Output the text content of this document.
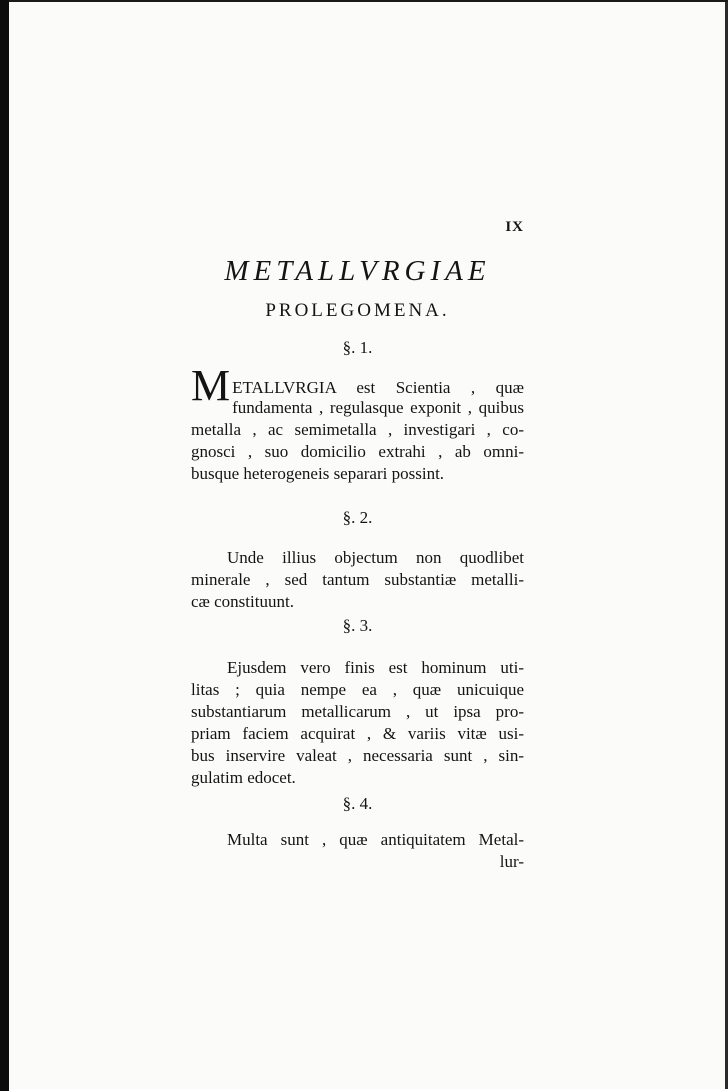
IX
METALLVRGIAE
PROLEGOMENA.
§. 1.
M ETALLVRGIA est Scientia , quæ
fundamenta , regulasque exponit , quibus
metalla , ac semimetalla , investigari , co-
gnosci , suo domicilio extrahi , ab omni-
busque heterogeneis separari possint.
§. 2.
Unde illius objectum non quodlibet
minerale , sed tantum substantiæ metalli-
cæ constituunt.
§. 3.
Ejusdem vero finis est hominum uti-
litas ; quia nempe ea , quæ unicuique
substantiarum metallicarum , ut ipsa pro-
priam faciem acquirat , & variis vitæ usi-
bus inservire valeat , necessaria sunt , sin-
gulatim edocet.
§. 4.
Multa sunt , quæ antiquitatem Metal-
lur-
